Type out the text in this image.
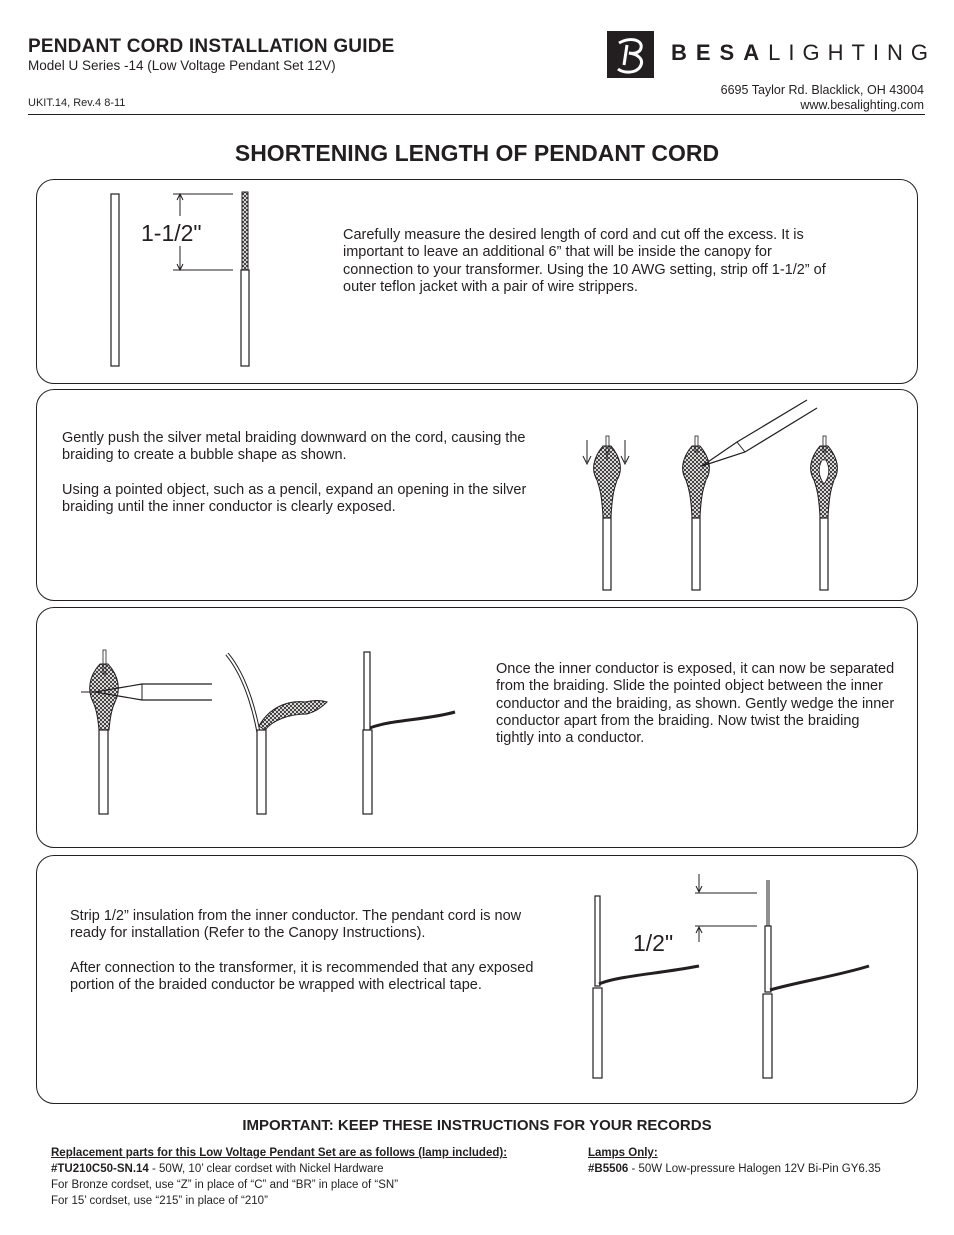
PENDANT CORD INSTALLATION GUIDE
Model U Series -14 (Low Voltage Pendant Set 12V)
UKIT.14, Rev.4 8-11
BESALIGHTING
6695 Taylor Rd. Blacklick, OH 43004
www.besalighting.com
SHORTENING LENGTH OF PENDANT CORD
1-1/2"	Carefully measure the desired length of cord and cut off the excess. It is important to leave an additional 6” that will be inside the canopy for connection to your transformer. Using the 10 AWG setting, strip off 1-1/2” of outer teflon jacket with a pair of wire strippers.

Gently push the silver metal braiding downward on the cord, causing the braiding to create a bubble shape as shown.

Using a pointed object, such as a pencil, expand an opening in the silver braiding until the inner conductor is clearly exposed.

Once the inner conductor is exposed, it can now be separated from the braiding. Slide the pointed object between the inner conductor and the braiding, as shown. Gently wedge the inner conductor apart from the braiding. Now twist the braiding tightly into a conductor.

Strip 1/2” insulation from the inner conductor. The pendant cord is now ready for installation (Refer to the Canopy Instructions).

After connection to the transformer, it is recommended that any exposed portion of the braided conductor be wrapped with electrical tape.

1/2"
IMPORTANT: KEEP THESE INSTRUCTIONS FOR YOUR RECORDS
Replacement parts for this Low Voltage Pendant Set are as follows (lamp included):
#TU210C50-SN.14 - 50W, 10’ clear cordset with Nickel Hardware
For Bronze cordset, use “Z” in place of “C” and “BR” in place of “SN”
For 15’ cordset, use “215” in place of “210”
Lamps Only:
#B5506 - 50W Low-pressure Halogen 12V Bi-Pin GY6.35
